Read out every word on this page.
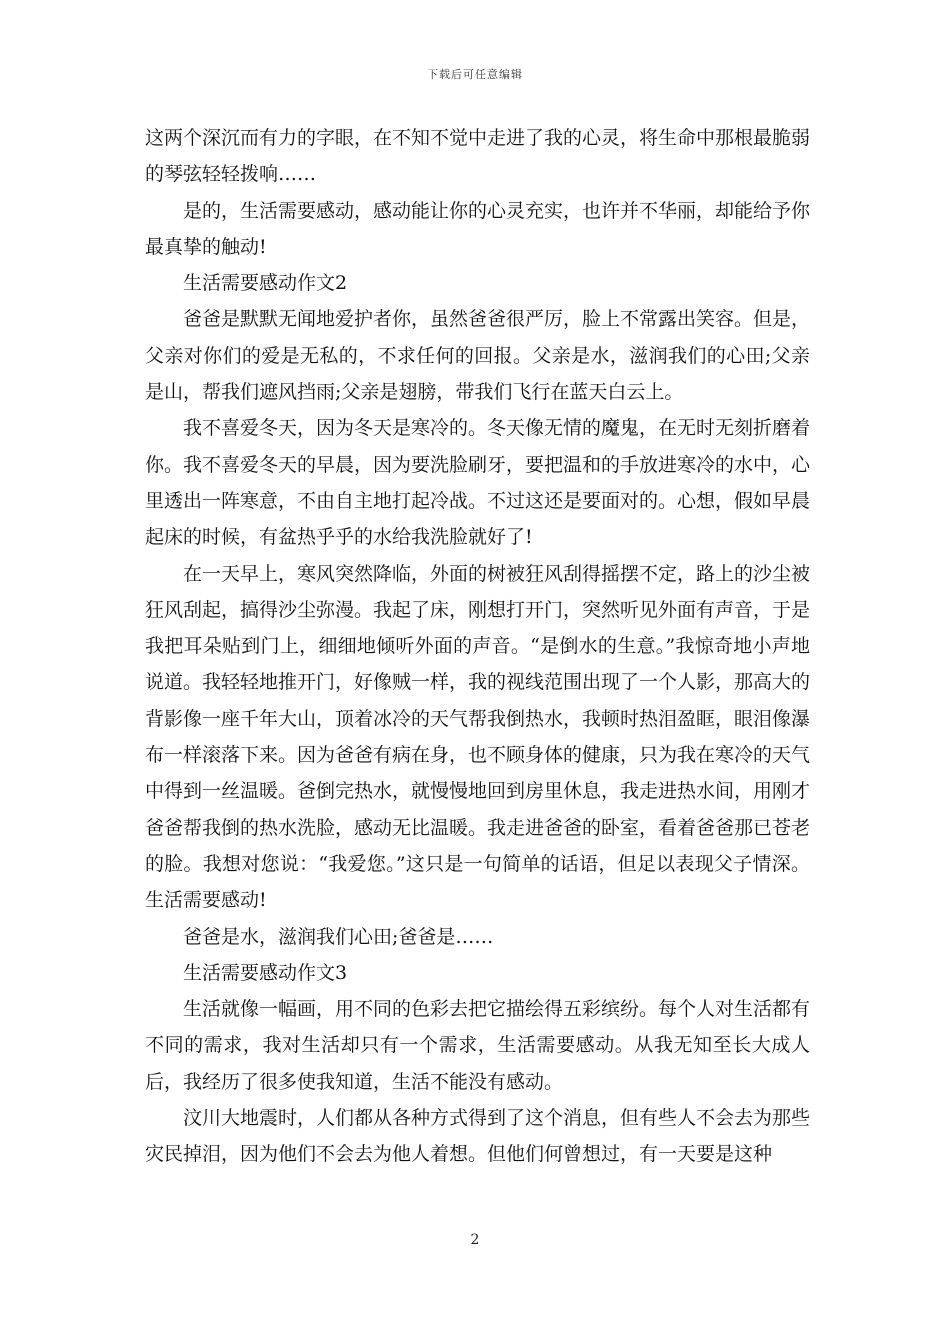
下载后可任意编辑

这两个深沉而有力的字眼，在不知不觉中走进了我的心灵，将生命中那根最脆弱的琴弦轻轻拨响……

是的，生活需要感动，感动能让你的心灵充实，也许并不华丽，却能给予你最真挚的触动!

生活需要感动作文2

爸爸是默默无闻地爱护者你，虽然爸爸很严厉，脸上不常露出笑容。但是，父亲对你们的爱是无私的，不求任何的回报。父亲是水，滋润我们的心田;父亲是山，帮我们遮风挡雨;父亲是翅膀，带我们飞行在蓝天白云上。

我不喜爱冬天，因为冬天是寒冷的。冬天像无情的魔鬼，在无时无刻折磨着你。我不喜爱冬天的早晨，因为要洗脸刷牙，要把温和的手放进寒冷的水中，心里透出一阵寒意，不由自主地打起冷战。不过这还是要面对的。心想，假如早晨起床的时候，有盆热乎乎的水给我洗脸就好了!

在一天早上，寒风突然降临，外面的树被狂风刮得摇摆不定，路上的沙尘被狂风刮起，搞得沙尘弥漫。我起了床，刚想打开门，突然听见外面有声音，于是我把耳朵贴到门上，细细地倾听外面的声音。“是倒水的生意。”我惊奇地小声地说道。我轻轻地推开门，好像贼一样，我的视线范围出现了一个人影，那高大的背影像一座千年大山，顶着冰冷的天气帮我倒热水，我顿时热泪盈眶，眼泪像瀑布一样滚落下来。因为爸爸有病在身，也不顾身体的健康，只为我在寒冷的天气中得到一丝温暖。爸倒完热水，就慢慢地回到房里休息，我走进热水间，用刚才爸爸帮我倒的热水洗脸，感动无比温暖。我走进爸爸的卧室，看着爸爸那已苍老的脸。我想对您说：“我爱您。”这只是一句简单的话语，但足以表现父子情深。生活需要感动!

爸爸是水，滋润我们心田;爸爸是……

生活需要感动作文3

生活就像一幅画，用不同的色彩去把它描绘得五彩缤纷。每个人对生活都有不同的需求，我对生活却只有一个需求，生活需要感动。从我无知至长大成人后，我经历了很多使我知道，生活不能没有感动。

汶川大地震时，人们都从各种方式得到了这个消息，但有些人不会去为那些灾民掉泪，因为他们不会去为他人着想。但他们何曾想过，有一天要是这种

2
